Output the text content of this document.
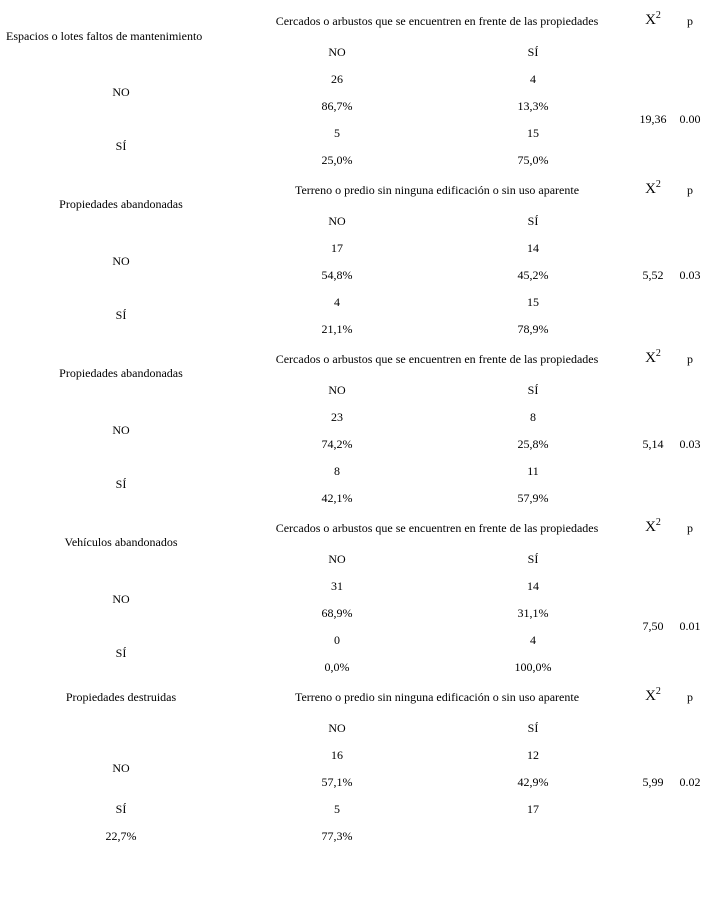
Espacios o lotes faltos de mantenimiento
Cercados o arbustos que se encuentren en frente de las propiedades	$X^2$ p
NO	SÍ
NO
26	4
86,7%	13,3%
SÍ
5	15
25,0%	75,0%
19,36 0.00
Propiedades abandonadas
Terreno o predio sin ninguna edificación o sin uso aparente	$X^2$ p
NO	SÍ
NO
17	14
54,8%	45,2%
SÍ
4	15
21,1%	78,9%
5,52 0.03
Propiedades abandonadas
Cercados o arbustos que se encuentren en frente de las propiedades	$X^2$ p
NO	SÍ
NO
23	8
74,2%	25,8%
SÍ
8	11
42,1%	57,9%
5,14 0.03
Vehículos abandonados
Cercados o arbustos que se encuentren en frente de las propiedades	$X^2$ p
NO	SÍ
NO
31	14
68,9%	31,1%
SÍ
0	4
0,0%	100,0%
7,50 0.01
Propiedades destruidas	Terreno o predio sin ninguna edificación o sin uso aparente	$X^2$ p
NO	SÍ
NO
16	12
57,1%	42,9%
SÍ	5	17
22,7%	77,3%
5,99 0.02
